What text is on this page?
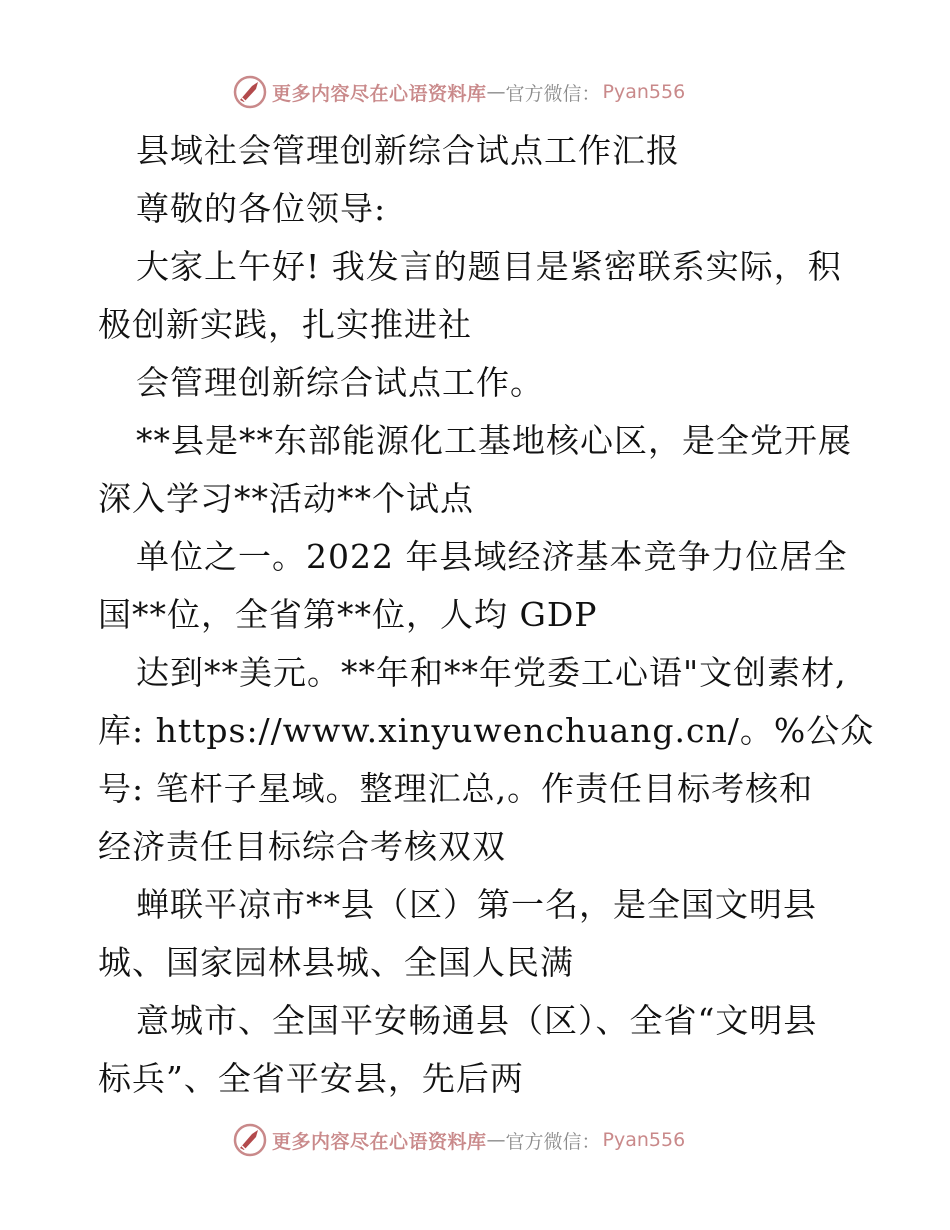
更多内容尽在心语资料库 — 官方微信： Pyan556
县域社会管理创新综合试点工作汇报
尊敬的各位领导:
大家上午好! 我发言的题目是紧密联系实际，积
极创新实践，扎实推进社
会管理创新综合试点工作。
**县是**东部能源化工基地核心区，是全党开展
深入学习**活动**个试点
单位之一。2022 年县域经济基本竞争力位居全
国**位，全省第**位，人均 GDP
达到**美元。**年和**年党委工心语"文创素材,
库: https://www.xinyuwenchuang.cn/。%公众
号: 笔杆子星域。整理汇总,。作责任目标考核和
经济责任目标综合考核双双
蝉联平凉市**县（区）第一名，是全国文明县
城、国家园林县城、全国人民满
意城市、全国平安畅通县（区）、全省“文明县
标兵”、全省平安县，先后两
更多内容尽在心语资料库 — 官方微信： Pyan556
